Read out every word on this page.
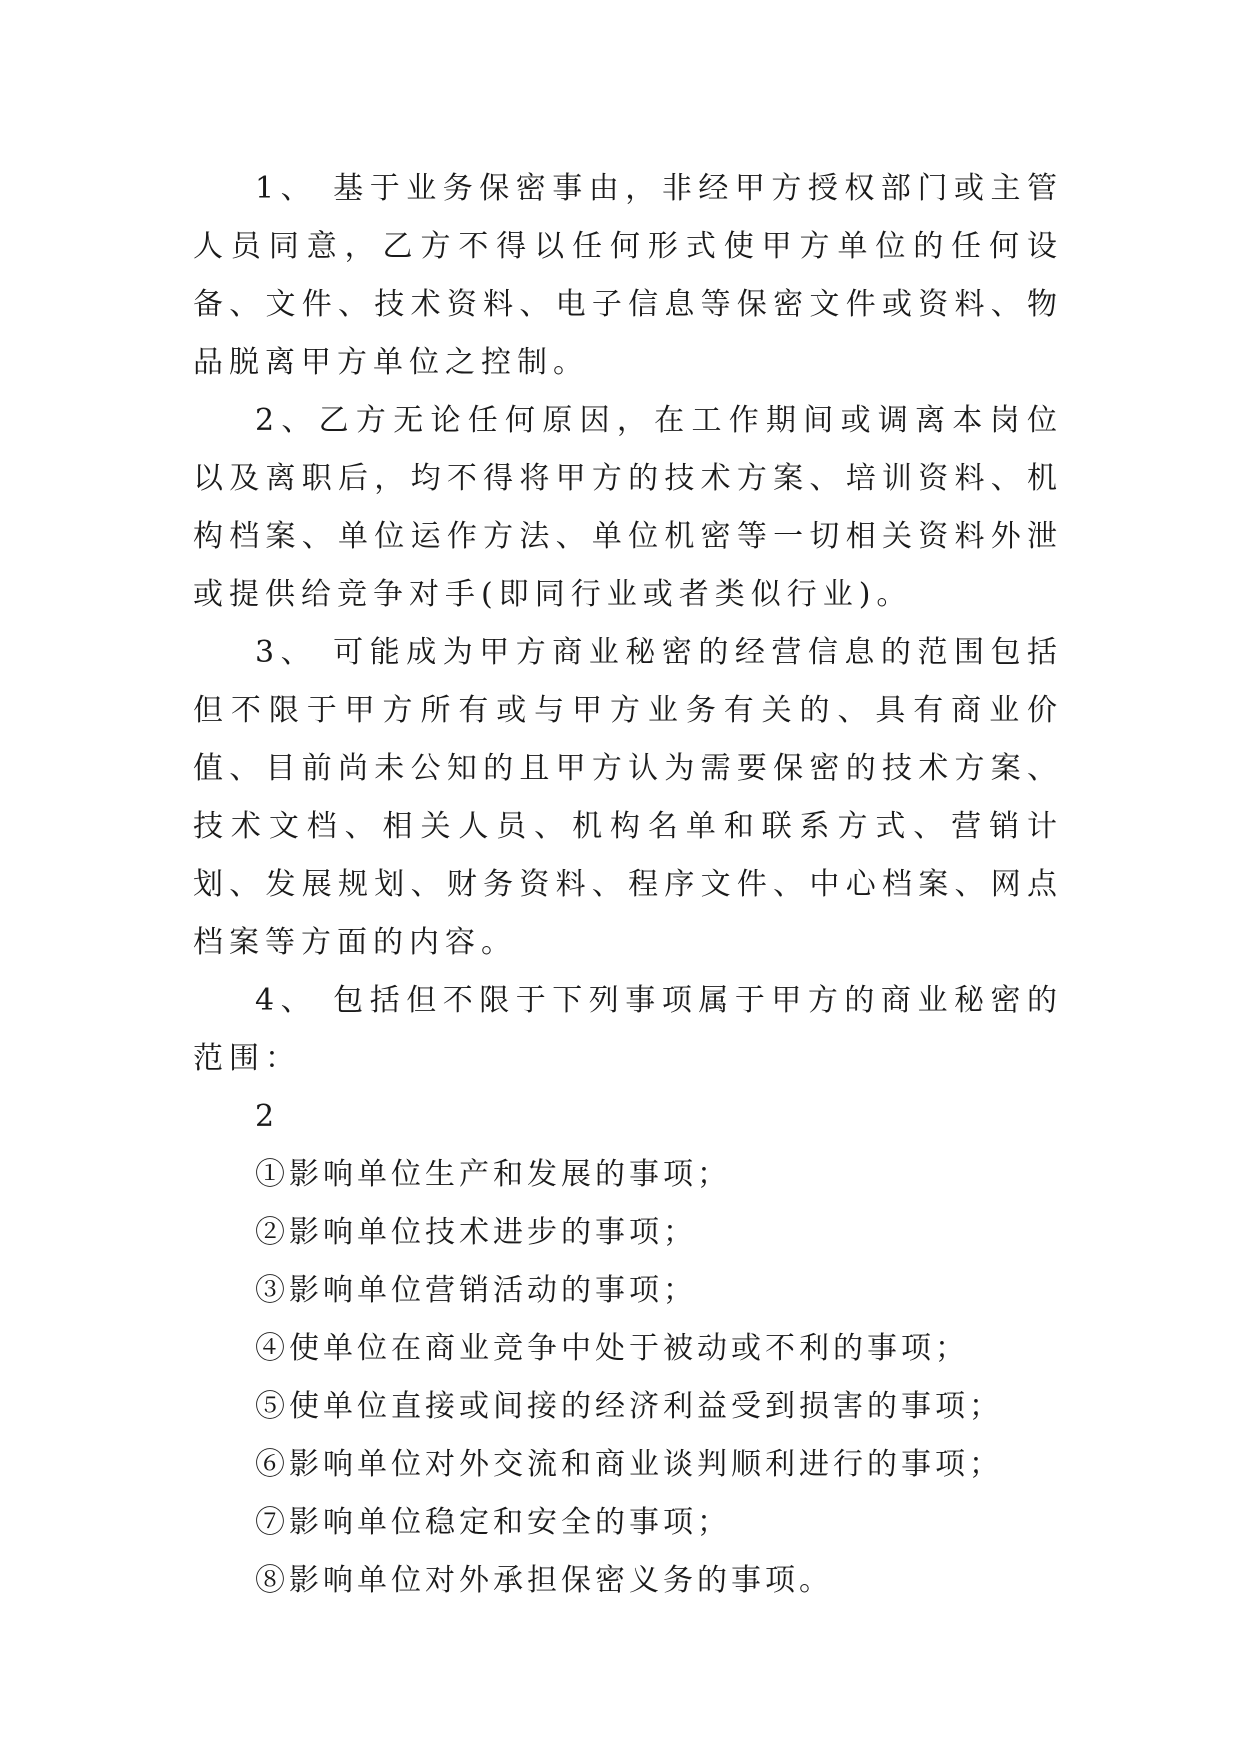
1、 基于业务保密事由，非经甲方授权部门或主管人员同意，乙方不得以任何形式使甲方单位的任何设备、文件、技术资料、电子信息等保密文件或资料、物品脱离甲方单位之控制。

2、乙方无论任何原因，在工作期间或调离本岗位以及离职后，均不得将甲方的技术方案、培训资料、机构档案、单位运作方法、单位机密等一切相关资料外泄或提供给竞争对手(即同行业或者类似行业)。

3、 可能成为甲方商业秘密的经营信息的范围包括但不限于甲方所有或与甲方业务有关的、具有商业价值、目前尚未公知的且甲方认为需要保密的技术方案、技术文档、相关人员、机构名单和联系方式、营销计划、发展规划、财务资料、程序文件、中心档案、网点档案等方面的内容。

4、 包括但不限于下列事项属于甲方的商业秘密的范围：

2

①影响单位生产和发展的事项；

②影响单位技术进步的事项；

③影响单位营销活动的事项；

④使单位在商业竞争中处于被动或不利的事项；

⑤使单位直接或间接的经济利益受到损害的事项；

⑥影响单位对外交流和商业谈判顺利进行的事项；

⑦影响单位稳定和安全的事项；

⑧影响单位对外承担保密义务的事项。
